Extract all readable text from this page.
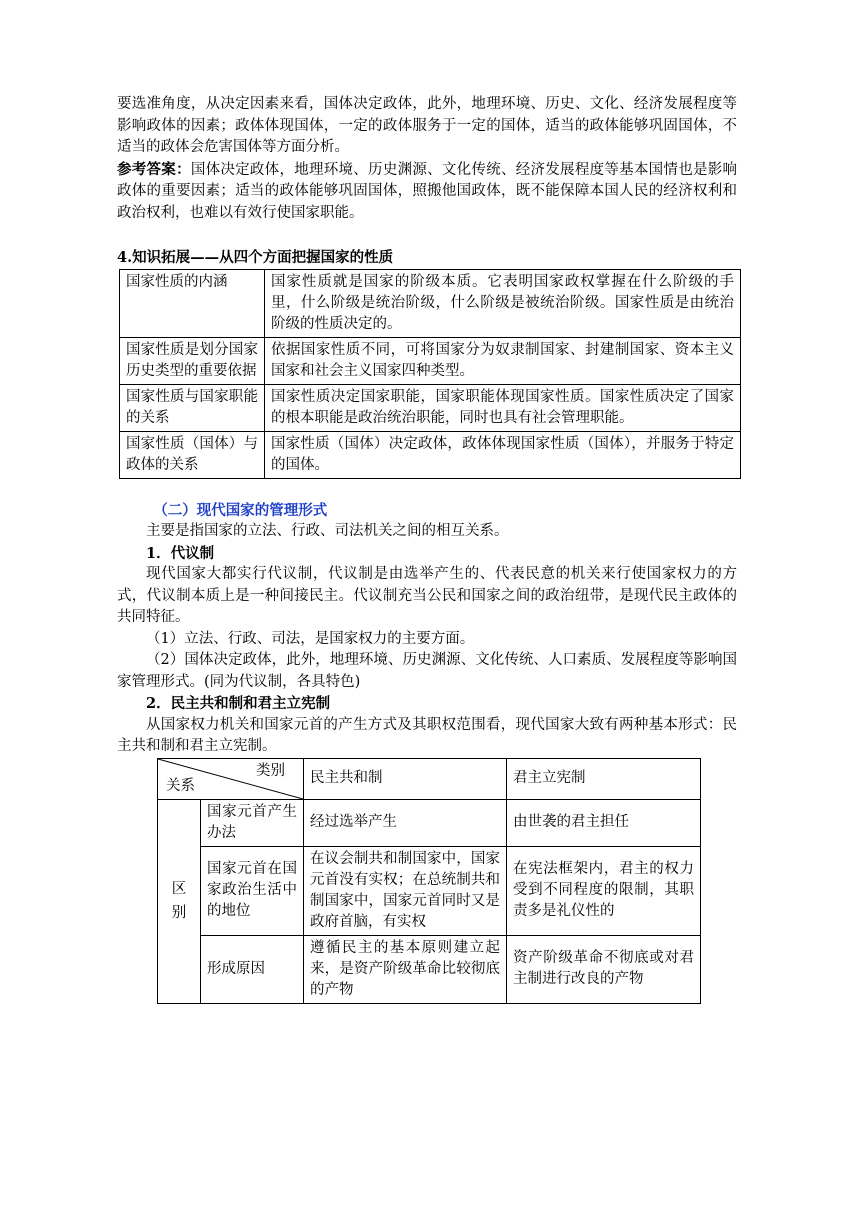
要选准角度，从决定因素来看，国体决定政体，此外，地理环境、历史、文化、经济发展程度等影响政体的因素；政体体现国体，一定的政体服务于一定的国体，适当的政体能够巩固国体，不适当的政体会危害国体等方面分析。

参考答案：国体决定政体，地理环境、历史渊源、文化传统、经济发展程度等基本国情也是影响政体的重要因素；适当的政体能够巩固国体，照搬他国政体，既不能保障本国人民的经济权利和政治权利，也难以有效行使国家职能。

4.知识拓展——从四个方面把握国家的性质

国家性质的内涵	国家性质就是国家的阶级本质。它表明国家政权掌握在什么阶级的手里，什么阶级是统治阶级，什么阶级是被统治阶级。国家性质是由统治阶级的性质决定的。
国家性质是划分国家历史类型的重要依据	依据国家性质不同，可将国家分为奴隶制国家、封建制国家、资本主义国家和社会主义国家四种类型。
国家性质与国家职能的关系	国家性质决定国家职能，国家职能体现国家性质。国家性质决定了国家的根本职能是政治统治职能，同时也具有社会管理职能。
国家性质（国体）与政体的关系	国家性质（国体）决定政体，政体体现国家性质（国体），并服务于特定的国体。

（二）现代国家的管理形式

主要是指国家的立法、行政、司法机关之间的相互关系。

1．代议制

现代国家大都实行代议制，代议制是由选举产生的、代表民意的机关来行使国家权力的方式，代议制本质上是一种间接民主。代议制充当公民和国家之间的政治纽带，是现代民主政体的共同特征。

（1）立法、行政、司法，是国家权力的主要方面。

（2）国体决定政体，此外，地理环境、历史渊源、文化传统、人口素质、发展程度等影响国家管理形式。(同为代议制，各具特色)

2．民主共和制和君主立宪制

从国家权力机关和国家元首的产生方式及其职权范围看，现代国家大致有两种基本形式：民主共和制和君主立宪制。

类别
关系		民主共和制	君主立宪制
区别	国家元首产生办法	经过选举产生	由世袭的君主担任
	国家元首在国家政治生活中的地位	在议会制共和制国家中，国家元首没有实权；在总统制共和制国家中，国家元首同时又是政府首脑，有实权	在宪法框架内，君主的权力受到不同程度的限制，其职责多是礼仪性的
	形成原因	遵循民主的基本原则建立起来，是资产阶级革命比较彻底的产物	资产阶级革命不彻底或对君主制进行改良的产物
